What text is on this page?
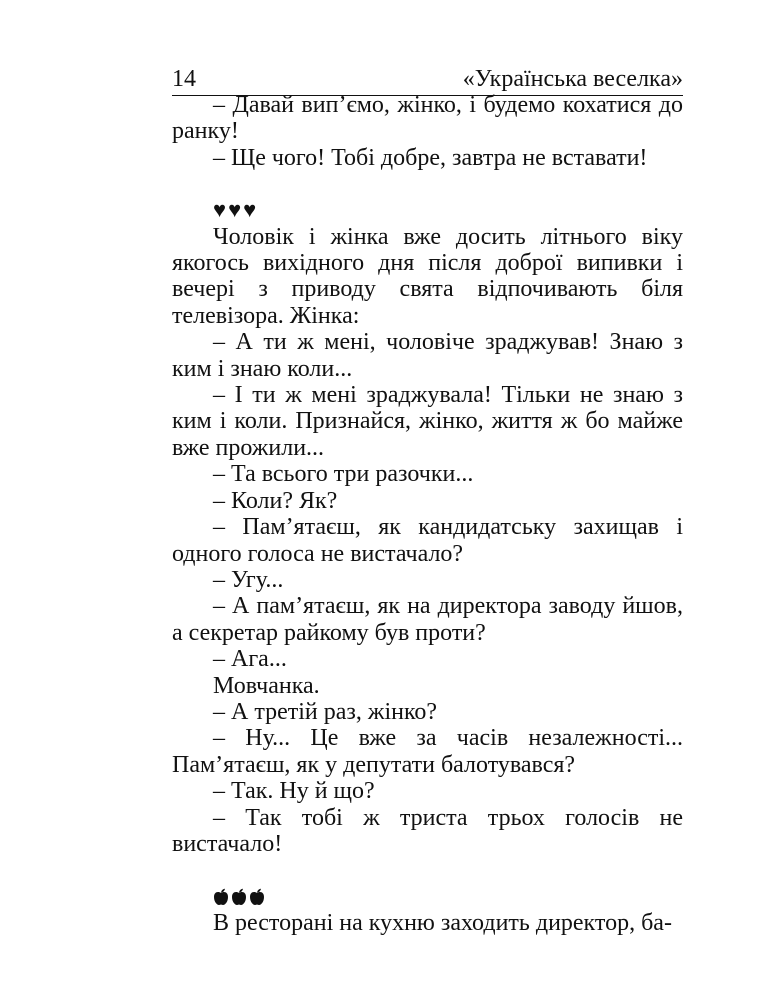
14	«Українська веселка»

– Давай вип’ємо, жінко, і будемо кохатися до ранку!

– Ще чого! Тобі добре, завтра не вставати!

♥♥♥

Чоловік і жінка вже досить літнього віку якогось вихідного дня після доброї випивки і вечері з приводу свята відпочивають біля телевізора. Жінка:

– А ти ж мені, чоловіче зраджував! Знаю з ким і знаю коли...

– І ти ж мені зраджувала! Тільки не знаю з ким і коли. Признайся, жінко, життя ж бо майже вже прожили...

– Та всього три разочки...

– Коли? Як?

– Пам’ятаєш, як кандидатську захищав і одного голоса не вистачало?

– Угу...

– А пам’ятаєш, як на директора заводу йшов, а секретар райкому був проти?

– Ага...

Мовчанка.

– А третій раз, жінко?

– Ну... Це вже за часів незалежності... Пам’ятаєш, як у депутати балотувався?

– Так. Ну й що?

– Так тобі ж триста трьох голосів не вистачало!

В ресторані на кухню заходить директор, ба-
